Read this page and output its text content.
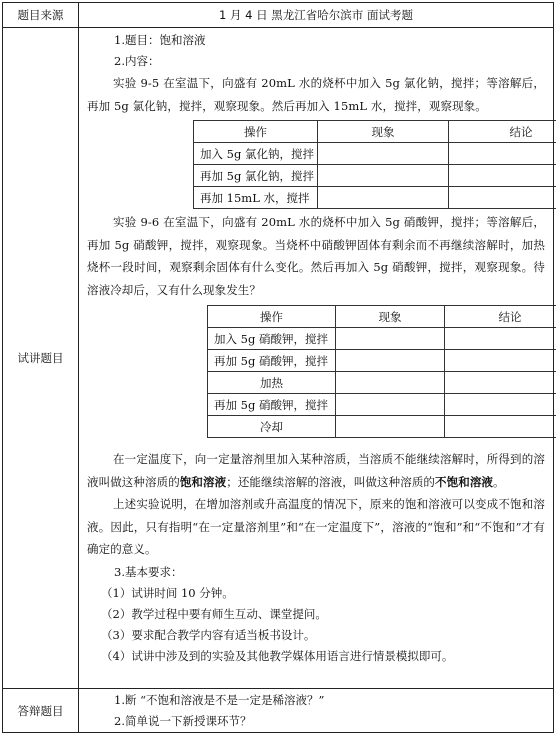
题目来源	1 月 4 日 黑龙江省哈尔滨市 面试考题
试讲题目	

1.题目：饱和溶液

2.内容：

实验 9-5 在室温下，向盛有 20mL 水的烧杯中加入 5g 氯化钠，搅拌；等溶解后，再加 5g 氯化钠，搅拌，观察现象。然后再加入 15mL 水，搅拌，观察现象。

操作	现象	结论
加入 5g 氯化钠，搅拌		
再加 5g 氯化钠，搅拌		
再加 15mL 水，搅拌		

实验 9-6 在室温下，向盛有 20mL 水的烧杯中加入 5g 硝酸钾，搅拌；等溶解后，再加 5g 硝酸钾，搅拌，观察现象。当烧杯中硝酸钾固体有剩余而不再继续溶解时，加热烧杯一段时间，观察剩余固体有什么变化。然后再加入 5g 硝酸钾，搅拌，观察现象。待溶液冷却后，又有什么现象发生？

操作	现象	结论
加入 5g 硝酸钾，搅拌		
再加 5g 硝酸钾，搅拌		
加热		
再加 5g 硝酸钾，搅拌		
冷却		

在一定温度下，向一定量溶剂里加入某种溶质，当溶质不能继续溶解时，所得到的溶液叫做这种溶质的饱和溶液；还能继续溶解的溶液，叫做这种溶质的不饱和溶液。

上述实验说明，在增加溶剂或升高温度的情况下，原来的饱和溶液可以变成不饱和溶液。因此，只有指明“在一定量溶剂里”和“在一定温度下”，溶液的“饱和”和“不饱和”才有确定的意义。

3.基本要求：

（1）试讲时间 10 分钟。

（2）教学过程中要有师生互动、课堂提问。

（3）要求配合教学内容有适当板书设计。

（4）试讲中涉及到的实验及其他教学媒体用语言进行情景模拟即可。

答辩题目	

1.断 “不饱和溶液是不是一定是稀溶液？”

2.简单说一下新授课环节？
